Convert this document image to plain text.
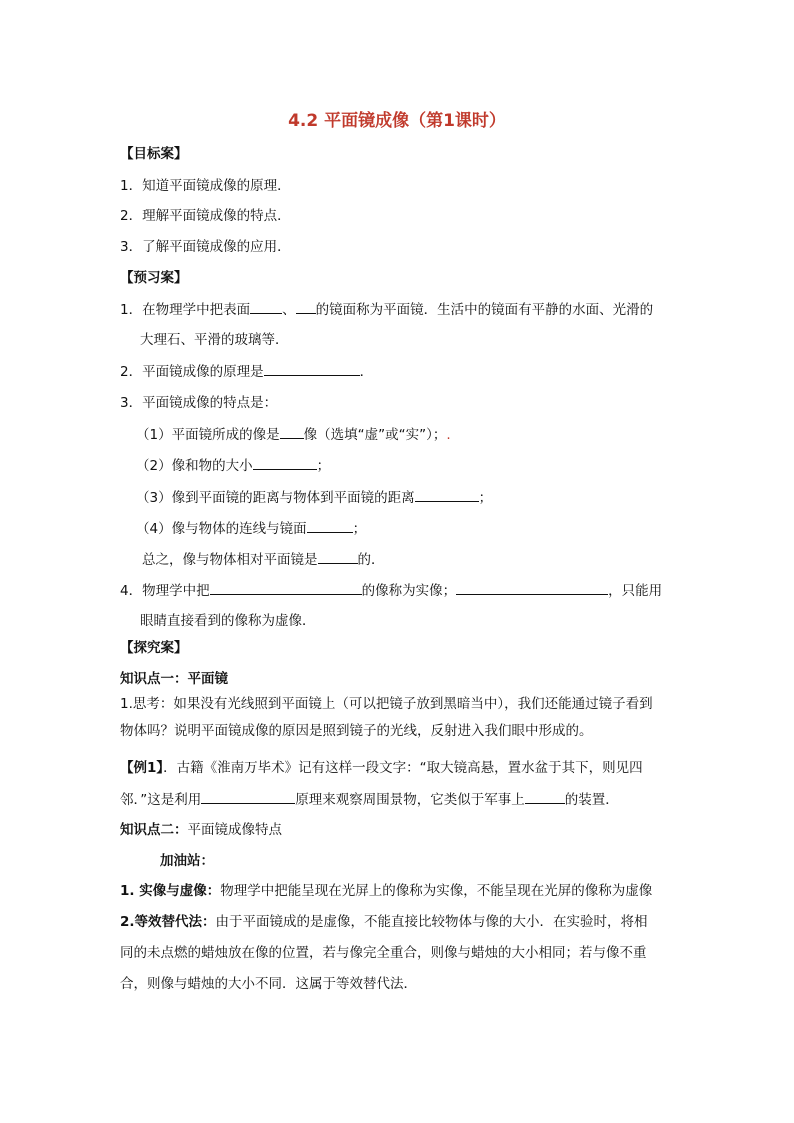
4.2 平面镜成像（第1课时）
【目标案】
1．知道平面镜成像的原理．
2．理解平面镜成像的特点．
3．了解平面镜成像的应用．
【预习案】
1．在物理学中把表面 、 的镜面称为平面镜．生活中的镜面有平静的水面、光滑的
大理石、平滑的玻璃等．
2．平面镜成像的原理是	．
3．平面镜成像的特点是：
（1）平面镜所成的像是 像（选填“虚”或“实”）；.
（2）像和物的大小	；
（3）像到平面镜的距离与物体到平面镜的距离	；
（4）像与物体的连线与镜面	；
总之，像与物体相对平面镜是	的．
4．物理学中把	的像称为实像；	，只能用
眼睛直接看到的像称为虚像．
【探究案】
知识点一：平面镜
1.思考：如果没有光线照到平面镜上（可以把镜子放到黑暗当中），我们还能通过镜子看到
物体吗？说明平面镜成像的原因是照到镜子的光线，反射进入我们眼中形成的。
【例1】．古籍《淮南万毕术》记有这样一段文字：“取大镜高悬，置水盆于其下，则见四
邻．”这是利用	原理来观察周围景物，它类似于军事上	的装置．
知识点二：平面镜成像特点
加油站：
1. 实像与虚像：物理学中把能呈现在光屏上的像称为实像，不能呈现在光屏的像称为虚像
2.等效替代法：由于平面镜成的是虚像，不能直接比较物体与像的大小．在实验时，将相
同的未点燃的蜡烛放在像的位置，若与像完全重合，则像与蜡烛的大小相同；若与像不重
合，则像与蜡烛的大小不同．这属于等效替代法．
